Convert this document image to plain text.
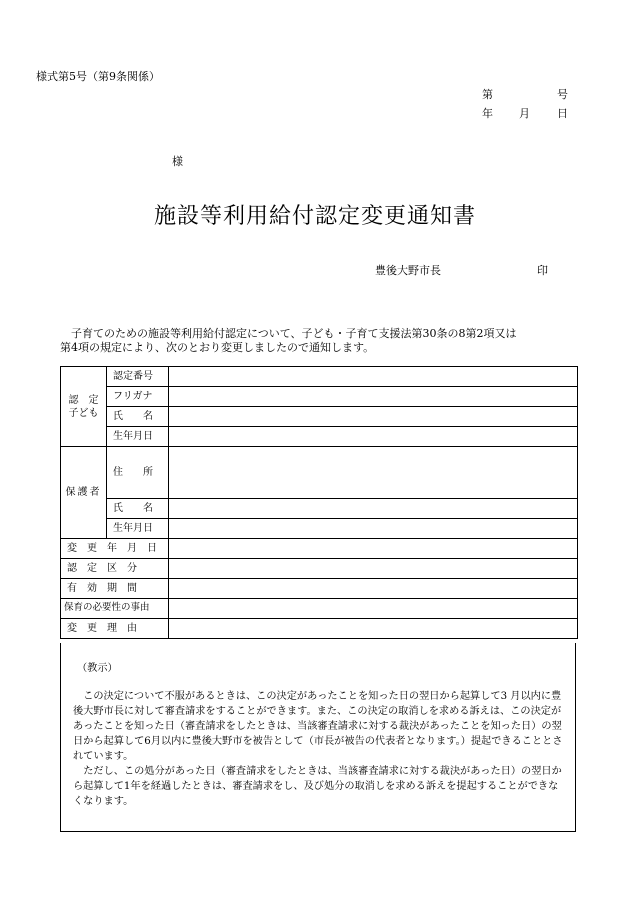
様式第5号（第9条関係）
第	号
年 月 日
様
施設等利用給付認定変更通知書
豊後大野市長	印
子育てのための施設等利用給付認定について、子ども・子育て支援法第30条の8第2項又は
第4項の規定により、次のとおり変更しましたので通知します。
認　定
子ども	認定番号	

フリガナ	

氏　　名	

生年月日	

保護者	住　　所	

氏　　名	

生年月日	

変　更　年　月　日		

認　定　区　分		

有　効　期　間		

保育の必要性の事由		

変　更　理　由		

（教示）
この決定について不服があるときは、この決定があったことを知った日の翌日から起算して3 月以内に豊後大野市長に対して審査請求をすることができます。また、この決定の取消しを求める訴えは、この決定があったことを知った日（審査請求をしたときは、当該審査請求に対する裁決があったことを知った日）の翌日から起算して6月以内に豊後大野市を被告として（市長が被告の代表者となります。）提起できることとされています。
ただし、この処分があった日（審査請求をしたときは、当該審査請求に対する裁決があった日）の翌日から起算して1年を経過したときは、審査請求をし、及び処分の取消しを求める訴えを提起することができなくなります。
